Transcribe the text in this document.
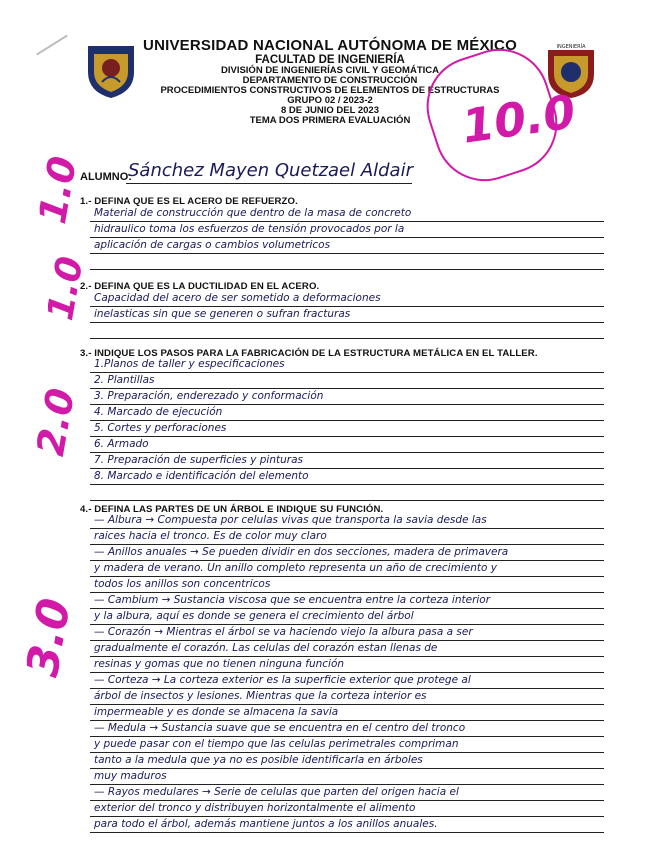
INGENIERÍA
UNIVERSIDAD NACIONAL AUTÓNOMA DE MÉXICO
FACULTAD DE INGENIERÍA
DIVISIÓN DE INGENIERÍAS CIVIL Y GEOMÁTICA
DEPARTAMENTO DE CONSTRUCCIÓN
PROCEDIMIENTOS CONSTRUCTIVOS DE ELEMENTOS DE ESTRUCTURAS
GRUPO 02 / 2023-2
8 DE JUNIO DEL 2023
TEMA DOS PRIMERA EVALUACIÓN	10.0
ALUMNO:
Sánchez Mayen Quetzael Aldair
1.0
1.- DEFINA QUE ES EL ACERO DE REFUERZO.
Material de construcción que dentro de la masa de concreto
hidraulico toma los esfuerzos de tensión provocados por la
aplicación de cargas o cambios volumetricos
1.0
2.- DEFINA QUE ES LA DUCTILIDAD EN EL ACERO.
Capacidad del acero de ser sometido a deformaciones
inelasticas sin que se generen o sufran fracturas
2.0
3.- INDIQUE LOS PASOS PARA LA FABRICACIÓN DE LA ESTRUCTURA METÁLICA EN EL TALLER.
1.Planos de taller y especificaciones
2. Plantillas
3. Preparación, enderezado y conformación
4. Marcado de ejecución
5. Cortes y perforaciones
6. Armado
7. Preparación de superficies y pinturas
8. Marcado e identificación del elemento
3.0
4.- DEFINA LAS PARTES DE UN ÁRBOL E INDIQUE SU FUNCIÓN.
— Albura → Compuesta por celulas vivas que transporta la savia desde las
raices hacia el tronco. Es de color muy claro
— Anillos anuales → Se pueden dividir en dos secciones, madera de primavera
y madera de verano. Un anillo completo representa un año de crecimiento y
todos los anillos son concentricos
— Cambium → Sustancia viscosa que se encuentra entre la corteza interior
y la albura, aquí es donde se genera el crecimiento del árbol
— Corazón → Mientras el árbol se va haciendo viejo la albura pasa a ser
gradualmente el corazón. Las celulas del corazón estan llenas de
resinas y gomas que no tienen ninguna función
— Corteza → La corteza exterior es la superficie exterior que protege al
árbol de insectos y lesiones. Mientras que la corteza interior es
impermeable y es donde se almacena la savia
— Medula → Sustancia suave que se encuentra en el centro del tronco
y puede pasar con el tiempo que las celulas perimetrales compriman
tanto a la medula que ya no es posible identificarla en árboles
muy maduros
— Rayos medulares → Serie de celulas que parten del origen hacia el
exterior del tronco y distribuyen horizontalmente el alimento
para todo el árbol, además mantiene juntos a los anillos anuales.
